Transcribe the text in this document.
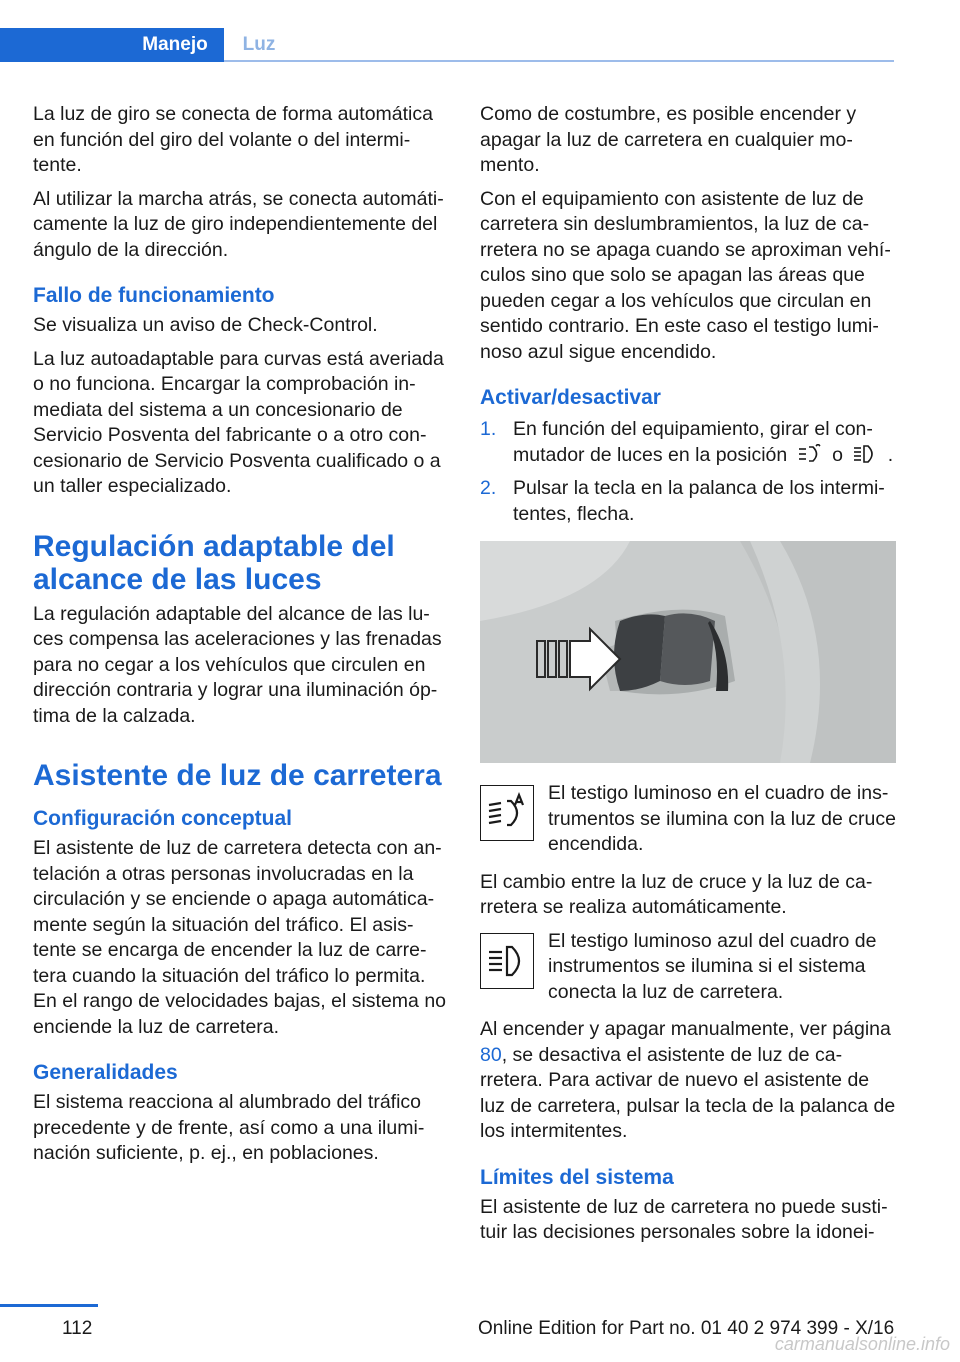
Manejo	Luz

La luz de giro se conecta de forma automática en función del giro del volante o del intermitente.

Al utilizar la marcha atrás, se conecta automáticamente la luz de giro independientemente del ángulo de la dirección.

Fallo de funcionamiento

Se visualiza un aviso de Check-Control.

La luz autoadaptable para curvas está averiada o no funciona. Encargar la comprobación inmediata del sistema a un concesionario de Servicio Posventa del fabricante o a otro concesionario de Servicio Posventa cualificado o a un taller especializado.

Regulación adaptable del alcance de las luces

La regulación adaptable del alcance de las luces compensa las aceleraciones y las frenadas para no cegar a los vehículos que circulen en dirección contraria y lograr una iluminación óptima de la calzada.

Asistente de luz de carretera
Configuración conceptual

El asistente de luz de carretera detecta con antelación a otras personas involucradas en la circulación y se enciende o apaga automáticamente según la situación del tráfico. El asistente se encarga de encender la luz de carretera cuando la situación del tráfico lo permita. En el rango de velocidades bajas, el sistema no enciende la luz de carretera.

Generalidades

El sistema reacciona al alumbrado del tráfico precedente y de frente, así como a una iluminación suficiente, p. ej., en poblaciones.

Como de costumbre, es posible encender y apagar la luz de carretera en cualquier momento.

Con el equipamiento con asistente de luz de carretera sin deslumbramientos, la luz de carretera no se apaga cuando se aproximan vehículos sino que solo se apagan las áreas que pueden cegar a los vehículos que circulan en sentido contrario. En este caso el testigo luminoso azul sigue encendido.

Activar/desactivar
1. En función del equipamiento, girar el conmutador de luces en la posición o .
2. Pulsar la tecla en la palanca de los intermitentes, flecha.

El testigo luminoso en el cuadro de instrumentos se ilumina con la luz de cruce encendida.

El cambio entre la luz de cruce y la luz de carretera se realiza automáticamente.

El testigo luminoso azul del cuadro de instrumentos se ilumina si el sistema conecta la luz de carretera.

Al encender y apagar manualmente, ver página 80, se desactiva el asistente de luz de carretera. Para activar de nuevo el asistente de luz de carretera, pulsar la tecla de la palanca de los intermitentes.

Límites del sistema

El asistente de luz de carretera no puede sustituir las decisiones personales sobre la idonei-

112	Online Edition for Part no. 01 40 2 974 399 - X/16
carmanualsonline.info
